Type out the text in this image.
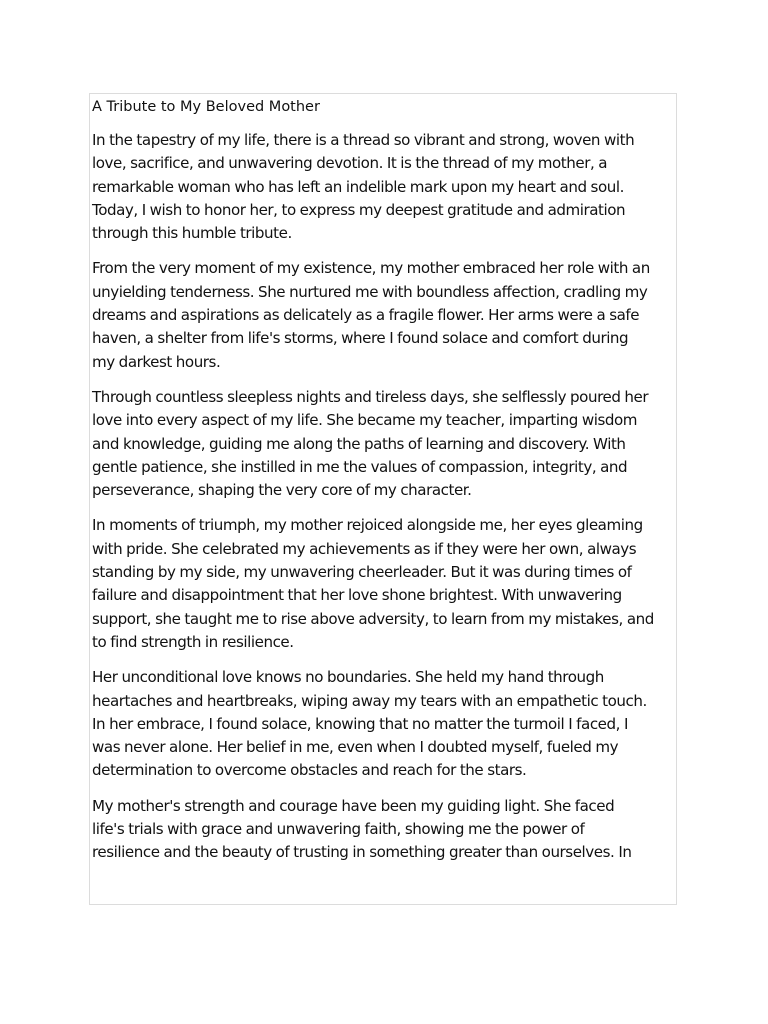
A Tribute to My Beloved Mother
In the tapestry of my life, there is a thread so vibrant and strong, woven with
love, sacrifice, and unwavering devotion. It is the thread of my mother, a
remarkable woman who has left an indelible mark upon my heart and soul.
Today, I wish to honor her, to express my deepest gratitude and admiration
through this humble tribute.
From the very moment of my existence, my mother embraced her role with an
unyielding tenderness. She nurtured me with boundless affection, cradling my
dreams and aspirations as delicately as a fragile flower. Her arms were a safe
haven, a shelter from life's storms, where I found solace and comfort during
my darkest hours.
Through countless sleepless nights and tireless days, she selflessly poured her
love into every aspect of my life. She became my teacher, imparting wisdom
and knowledge, guiding me along the paths of learning and discovery. With
gentle patience, she instilled in me the values of compassion, integrity, and
perseverance, shaping the very core of my character.
In moments of triumph, my mother rejoiced alongside me, her eyes gleaming
with pride. She celebrated my achievements as if they were her own, always
standing by my side, my unwavering cheerleader. But it was during times of
failure and disappointment that her love shone brightest. With unwavering
support, she taught me to rise above adversity, to learn from my mistakes, and
to find strength in resilience.
Her unconditional love knows no boundaries. She held my hand through
heartaches and heartbreaks, wiping away my tears with an empathetic touch.
In her embrace, I found solace, knowing that no matter the turmoil I faced, I
was never alone. Her belief in me, even when I doubted myself, fueled my
determination to overcome obstacles and reach for the stars.
My mother's strength and courage have been my guiding light. She faced
life's trials with grace and unwavering faith, showing me the power of
resilience and the beauty of trusting in something greater than ourselves. In
